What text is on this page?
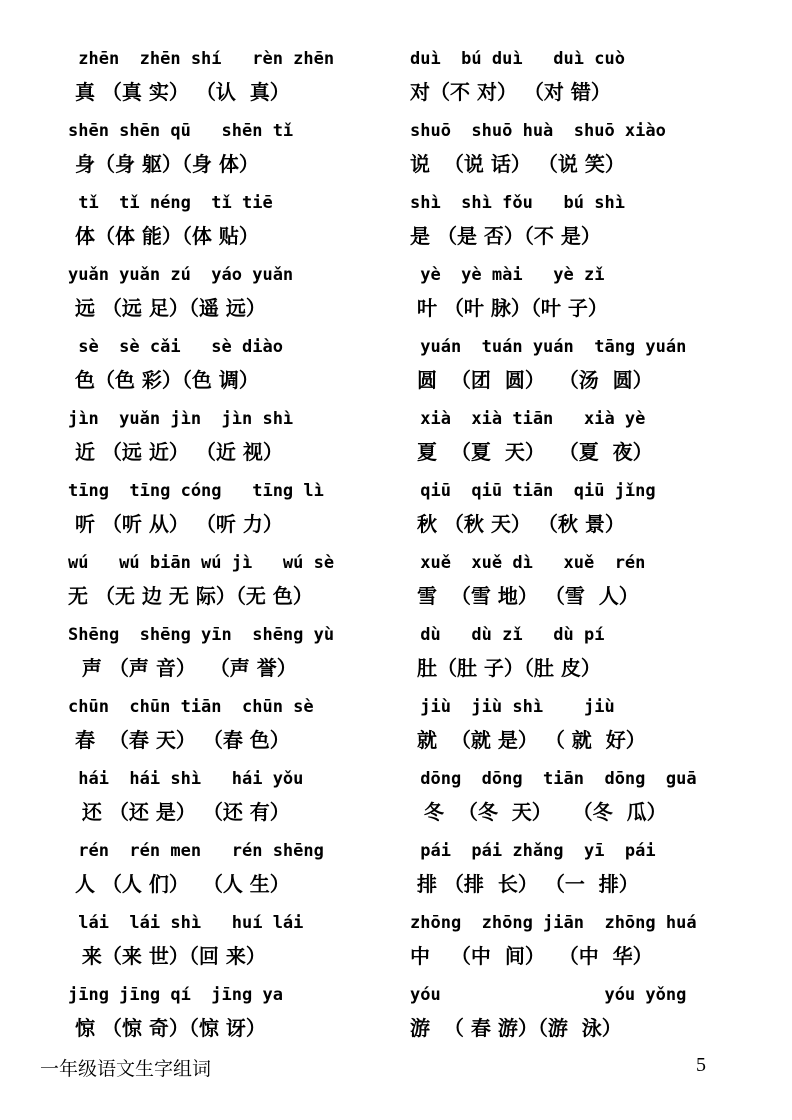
zhēn  zhēn shí   rèn zhēn
真 （真 实） （认  真）
shēn shēn qū   shēn tǐ
身（身 躯）（身 体）
tǐ  tǐ néng  tǐ tiē
体（体 能）（体 贴）
yuǎn yuǎn zú  yáo yuǎn
远 （远 足）（遥 远）
sè  sè cǎi   sè diào
色（色 彩）（色 调）
jìn  yuǎn jìn  jìn shì
近 （远 近） （近 视）
tīng  tīng cóng   tīng lì
听 （听 从） （听 力）
wú   wú biān wú jì   wú sè
无 （无 边 无 际）（无 色）
Shēng  shēng yīn  shēng yù
声 （声 音）  （声 誉）
chūn  chūn tiān  chūn sè
春  （春 天） （春 色）
hái  hái shì   hái yǒu
还 （还 是） （还 有）
rén  rén men   rén shēng
人 （人 们）  （人 生）
lái  lái shì   huí lái
来（来 世）（回 来）
jīng jīng qí  jīng ya
惊 （惊 奇）（惊 讶）
duì  bú duì   duì cuò
对（不 对） （对 错）
shuō  shuō huà  shuō xiào
说  （说 话） （说 笑）
shì  shì fǒu   bú shì
是 （是 否）（不 是）
yè  yè mài   yè zǐ
叶 （叶 脉）（叶 子）
yuán  tuán yuán  tāng yuán
圆  （团  圆）  （汤  圆）
xià  xià tiān   xià yè
夏  （夏  天）  （夏  夜）
qiū  qiū tiān  qiū jǐng
秋 （秋 天） （秋 景）
xuě  xuě dì   xuě  rén
雪  （雪 地） （雪  人）
dù   dù zǐ   dù pí
肚（肚 子）（肚 皮）
jiù  jiù shì    jiù
就  （就 是） （ 就  好）
dōng  dōng  tiān  dōng  guā
冬  （冬  天）   （冬  瓜）
pái  pái zhǎng  yī  pái
排 （排  长） （一  排）
zhōng  zhōng jiān  zhōng huá
中   （中  间）  （中  华）
yóu                yóu yǒng
游  （ 春 游）（游  泳）
一年级语文生字组词	5
